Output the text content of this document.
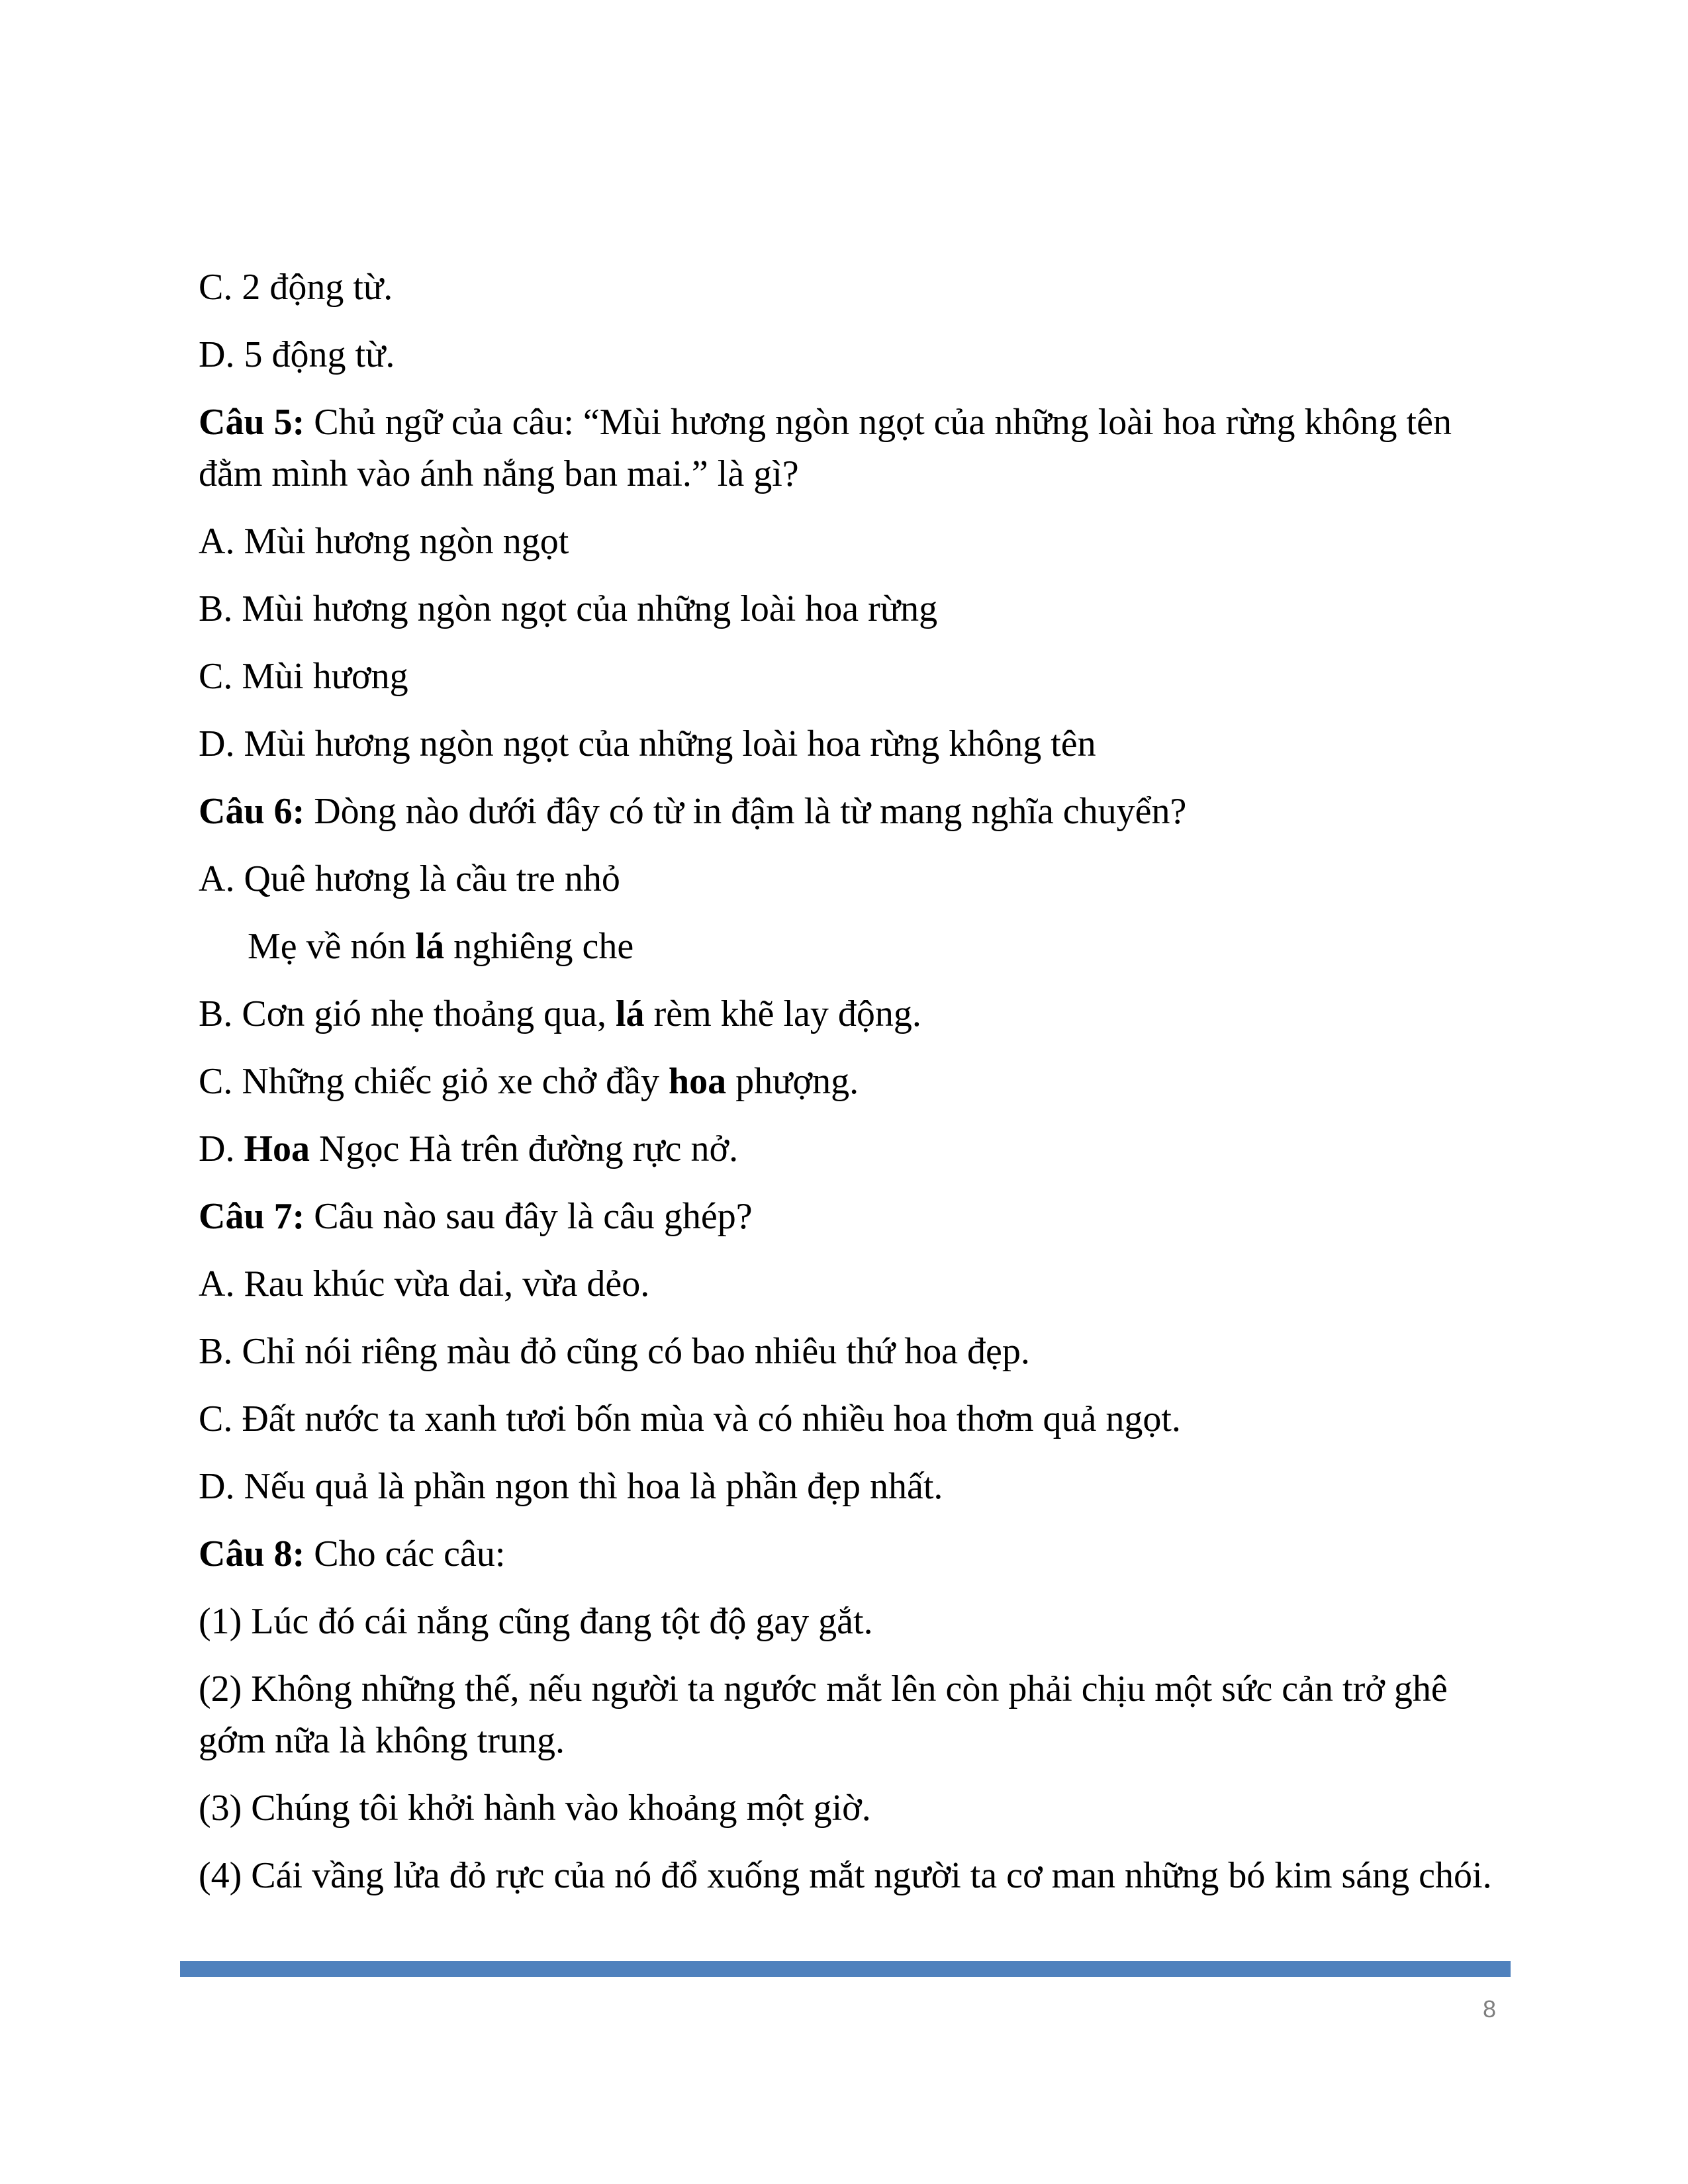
C. 2 động từ.
D. 5 động từ.
Câu 5: Chủ ngữ của câu: “Mùi hương ngòn ngọt của những loài hoa rừng không tên đằm mình vào ánh nắng ban mai.” là gì?
A. Mùi hương ngòn ngọt
B. Mùi hương ngòn ngọt của những loài hoa rừng
C. Mùi hương
D. Mùi hương ngòn ngọt của những loài hoa rừng không tên
Câu 6: Dòng nào dưới đây có từ in đậm là từ mang nghĩa chuyển?
A. Quê hương là cầu tre nhỏ
Mẹ về nón lá nghiêng che
B. Cơn gió nhẹ thoảng qua, lá rèm khẽ lay động.
C. Những chiếc giỏ xe chở đầy hoa phượng.
D. Hoa Ngọc Hà trên đường rực nở.
Câu 7: Câu nào sau đây là câu ghép?
A. Rau khúc vừa dai, vừa dẻo.
B. Chỉ nói riêng màu đỏ cũng có bao nhiêu thứ hoa đẹp.
C. Đất nước ta xanh tươi bốn mùa và có nhiều hoa thơm quả ngọt.
D. Nếu quả là phần ngon thì hoa là phần đẹp nhất.
Câu 8: Cho các câu:
(1) Lúc đó cái nắng cũng đang tột độ gay gắt.
(2) Không những thế, nếu người ta ngước mắt lên còn phải chịu một sức cản trở ghê gớm nữa là không trung.
(3) Chúng tôi khởi hành vào khoảng một giờ.
(4) Cái vầng lửa đỏ rực của nó đổ xuống mắt người ta cơ man những bó kim sáng chói.
8
